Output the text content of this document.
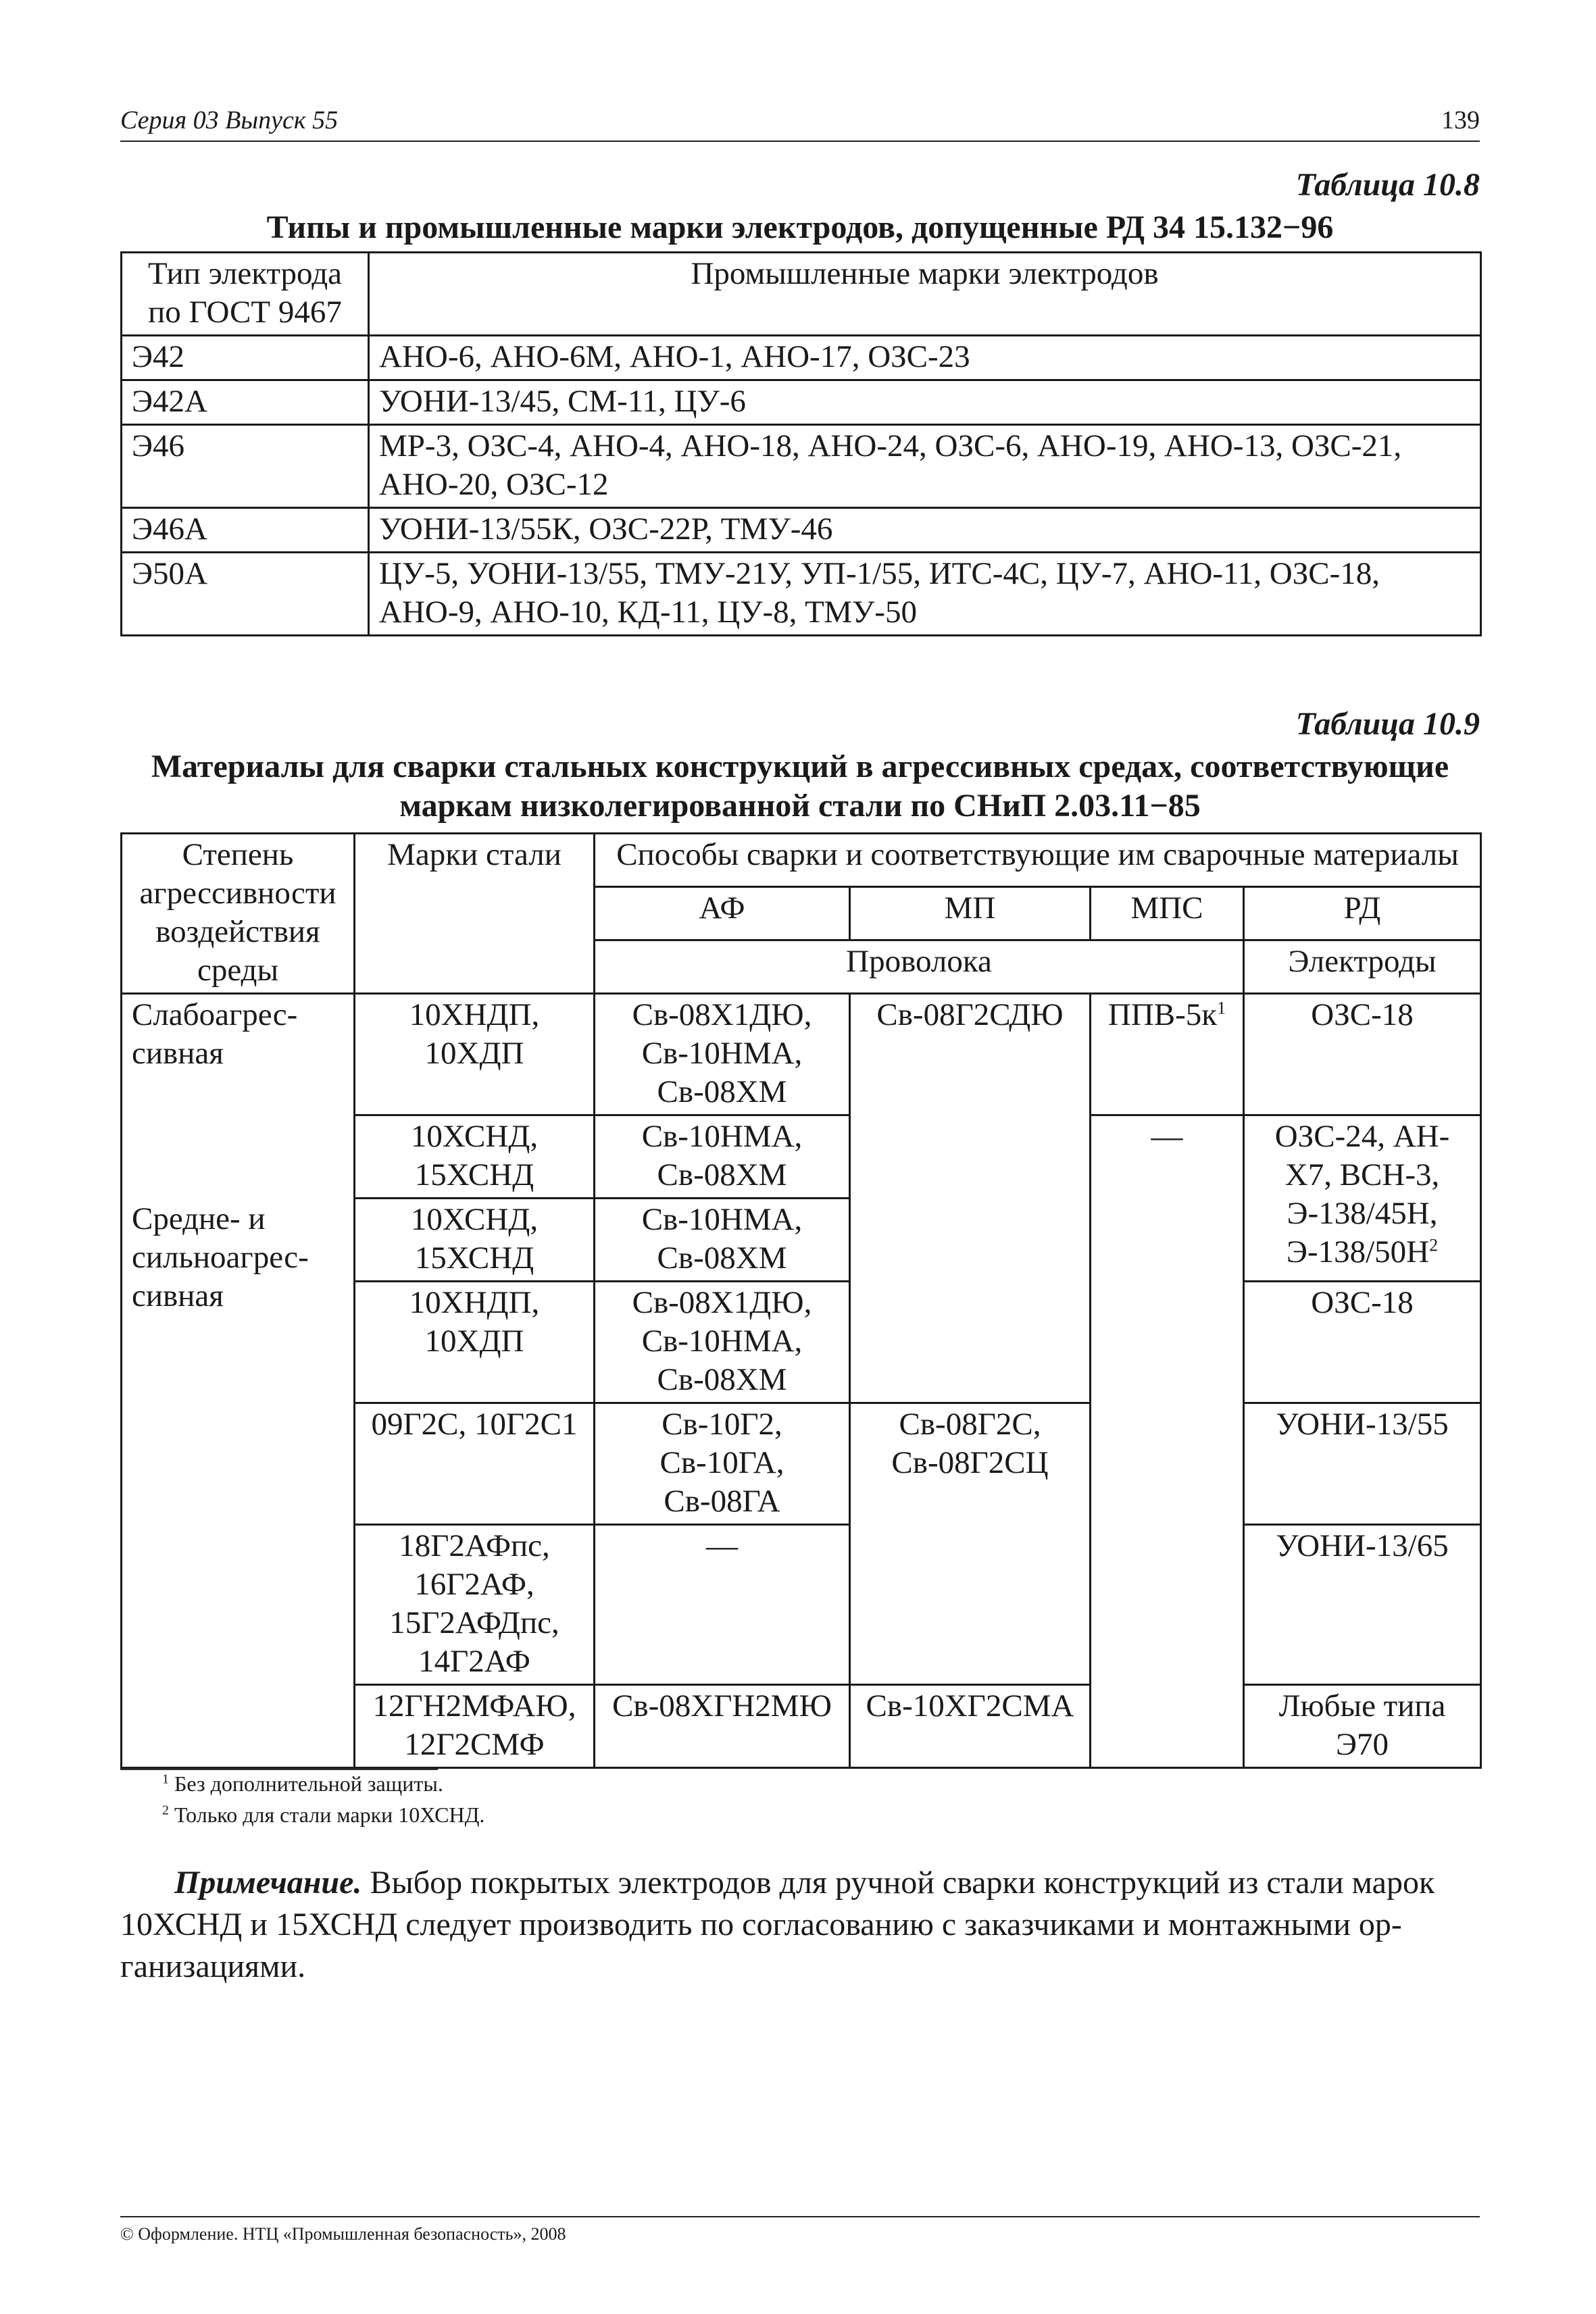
Серия 03 Выпуск 55	139
Таблица 10.8
Типы и промышленные марки электродов, допущенные РД 34 15.132−96
Тип электрода по ГОСТ 9467	Промышленные марки электродов
Э42	АНО-6, АНО-6М, АНО-1, АНО-17, ОЗС-23
Э42А	УОНИ-13/45, СМ-11, ЦУ-6
Э46	МР-3, ОЗС-4, АНО-4, АНО-18, АНО-24, ОЗС-6, АНО-19, АНО-13, ОЗС-21, АНО-20, ОЗС-12
Э46А	УОНИ-13/55К, ОЗС-22Р, ТМУ-46
Э50А	ЦУ-5, УОНИ-13/55, ТМУ-21У, УП-1/55, ИТС-4С, ЦУ-7, АНО-11, ОЗС-18, АНО-9, АНО-10, КД-11, ЦУ-8, ТМУ-50
Таблица 10.9
Материалы для сварки стальных конструкций в агрессивных средах, соответствующие
маркам низколегированной стали по СНиП 2.03.11−85
Степень агрессивности воздействия среды	Марки стали	Способы сварки и соответствующие им сварочные материалы			
		АФ	МП	МПС	РД
		Проволока			Электроды

Слабоагрес-сивная	10ХНДП, 10ХДП	Св-08Х1ДЮ, Св-10НМА, Св-08ХМ	Св-08Г2СДЮ	ППВ-$5к^1$	ОЗС-18
	10ХСНД, 15ХСНД	Св-10НМА, Св-08ХМ		—	ОЗС-24, АН-Х7, ВСН-3, Э-138/45Н, $Э-138/50Н^2$
Средне- и сильноагрес-сивная	10ХСНД, 15ХСНД	Св-10НМА, Св-08ХМ			
	10ХНДП, 10ХДП	Св-08Х1ДЮ, Св-10НМА, Св-08ХМ			ОЗС-18
	09Г2С, 10Г2С1	Св-10Г2, Св-10ГА, Св-08ГА	Св-08Г2С, Св-08Г2СЦ		УОНИ-13/55
	18Г2АФпс, 16Г2АФ, 15Г2АФДпс, 14Г2АФ	—			УОНИ-13/65
	12ГН2МФАЮ, 12Г2СМФ	Св-08ХГН2МЮ	Св-10ХГ2СМА		Любые типа Э70
$^1$ Без дополнительной защиты.
$^2$ Только для стали марки 10ХСНД.
Примечание. Выбор покрытых электродов для ручной сварки конструкций из стали марок 10ХСНД и 15ХСНД следует производить по согласованию с заказчиками и монтажными ор-ганизациями.
© Оформление. НТЦ «Промышленная безопасность», 2008
